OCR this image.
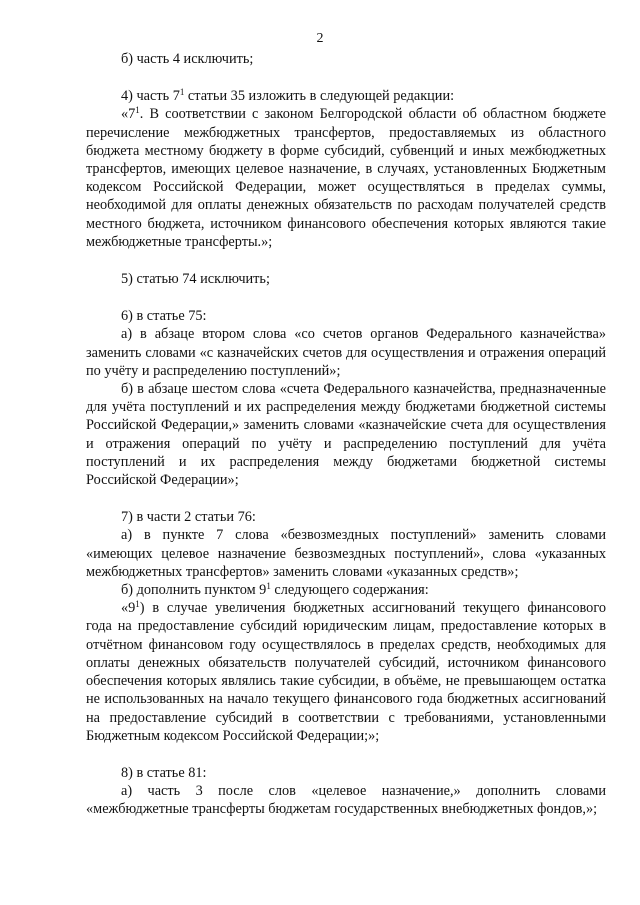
2

б) часть 4 исключить;

4) часть $7^1$ статьи 35 изложить в следующей редакции:

«$7^1$. В соответствии с законом Белгородской области об областном бюджете перечисление межбюджетных трансфертов, предоставляемых из областного бюджета местному бюджету в форме субсидий, субвенций и иных межбюджетных трансфертов, имеющих целевое назначение, в случаях, установленных Бюджетным кодексом Российской Федерации, может осуществляться в пределах суммы, необходимой для оплаты денежных обязательств по расходам получателей средств местного бюджета, источником финансового обеспечения которых являются такие межбюджетные трансферты.»;

5) статью 74 исключить;

6) в статье 75:

а) в абзаце втором слова «со счетов органов Федерального казначейства» заменить словами «с казначейских счетов для осуществления и отражения операций по учёту и распределению поступлений»;

б) в абзаце шестом слова «счета Федерального казначейства, предназначенные для учёта поступлений и их распределения между бюджетами бюджетной системы Российской Федерации,» заменить словами «казначейские счета для осуществления и отражения операций по учёту и распределению поступлений для учёта поступлений и их распределения между бюджетами бюджетной системы Российской Федерации»;

7) в части 2 статьи 76:

а) в пункте 7 слова «безвозмездных поступлений» заменить словами «имеющих целевое назначение безвозмездных поступлений», слова «указанных межбюджетных трансфертов» заменить словами «указанных средств»;

б) дополнить пунктом $9^1$ следующего содержания:

«$9^1$) в случае увеличения бюджетных ассигнований текущего финансового года на предоставление субсидий юридическим лицам, предоставление которых в отчётном финансовом году осуществлялось в пределах средств, необходимых для оплаты денежных обязательств получателей субсидий, источником финансового обеспечения которых являлись такие субсидии, в объёме, не превышающем остатка не использованных на начало текущего финансового года бюджетных ассигнований на предоставление субсидий в соответствии с требованиями, установленными Бюджетным кодексом Российской Федерации;»;

8) в статье 81:

а) часть 3 после слов «целевое назначение,» дополнить словами «межбюджетные трансферты бюджетам государственных внебюджетных фондов,»;
